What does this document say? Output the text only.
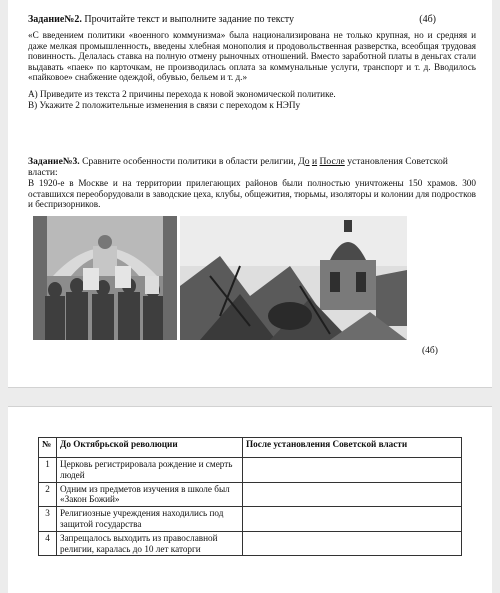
Задание№2. Прочитайте текст и выполните задание по тексту	(4б)

«С введением политики «военного коммунизма» была национализирована не только крупная, но и средняя и даже мелкая промышленность, введены хлебная монополия и продовольственная разверстка, всеобщая трудовая повинность. Делалась ставка на полную отмену рыночных отношений. Вместо заработной платы в деньгах стали выдавать «паек» по карточкам, не производилась оплата за коммунальные услуги, транспорт и т. д. Вводилось «пайковое» снабжение одеждой, обувью, бельем и т. д.»

А) Приведите из текста 2 причины перехода к новой экономической политике.

В) Укажите 2 положительные изменения в связи с переходом к НЭПу

Задание№3. Сравните особенности политики в области религии, До и После установления Советской власти:

В 1920-е в Москве и на территории прилегающих районов были полностью уничтожены 150 храмов. 300 оставшихся переоборудовали в заводские цеха, клубы, общежития, тюрьмы, изоляторы и колонии для подростков и беспризорников.

(4б)
№	До Октябрьской революции	После установления Советской власти
1	Церковь регистрировала рождение и смерть людей	
2	Одним из предметов изучения в школе был «Закон Божий»	
3	Религиозные учреждения находились под защитой государства	
4	Запрещалось выходить из православной религии, каралась до 10 лет каторги	
